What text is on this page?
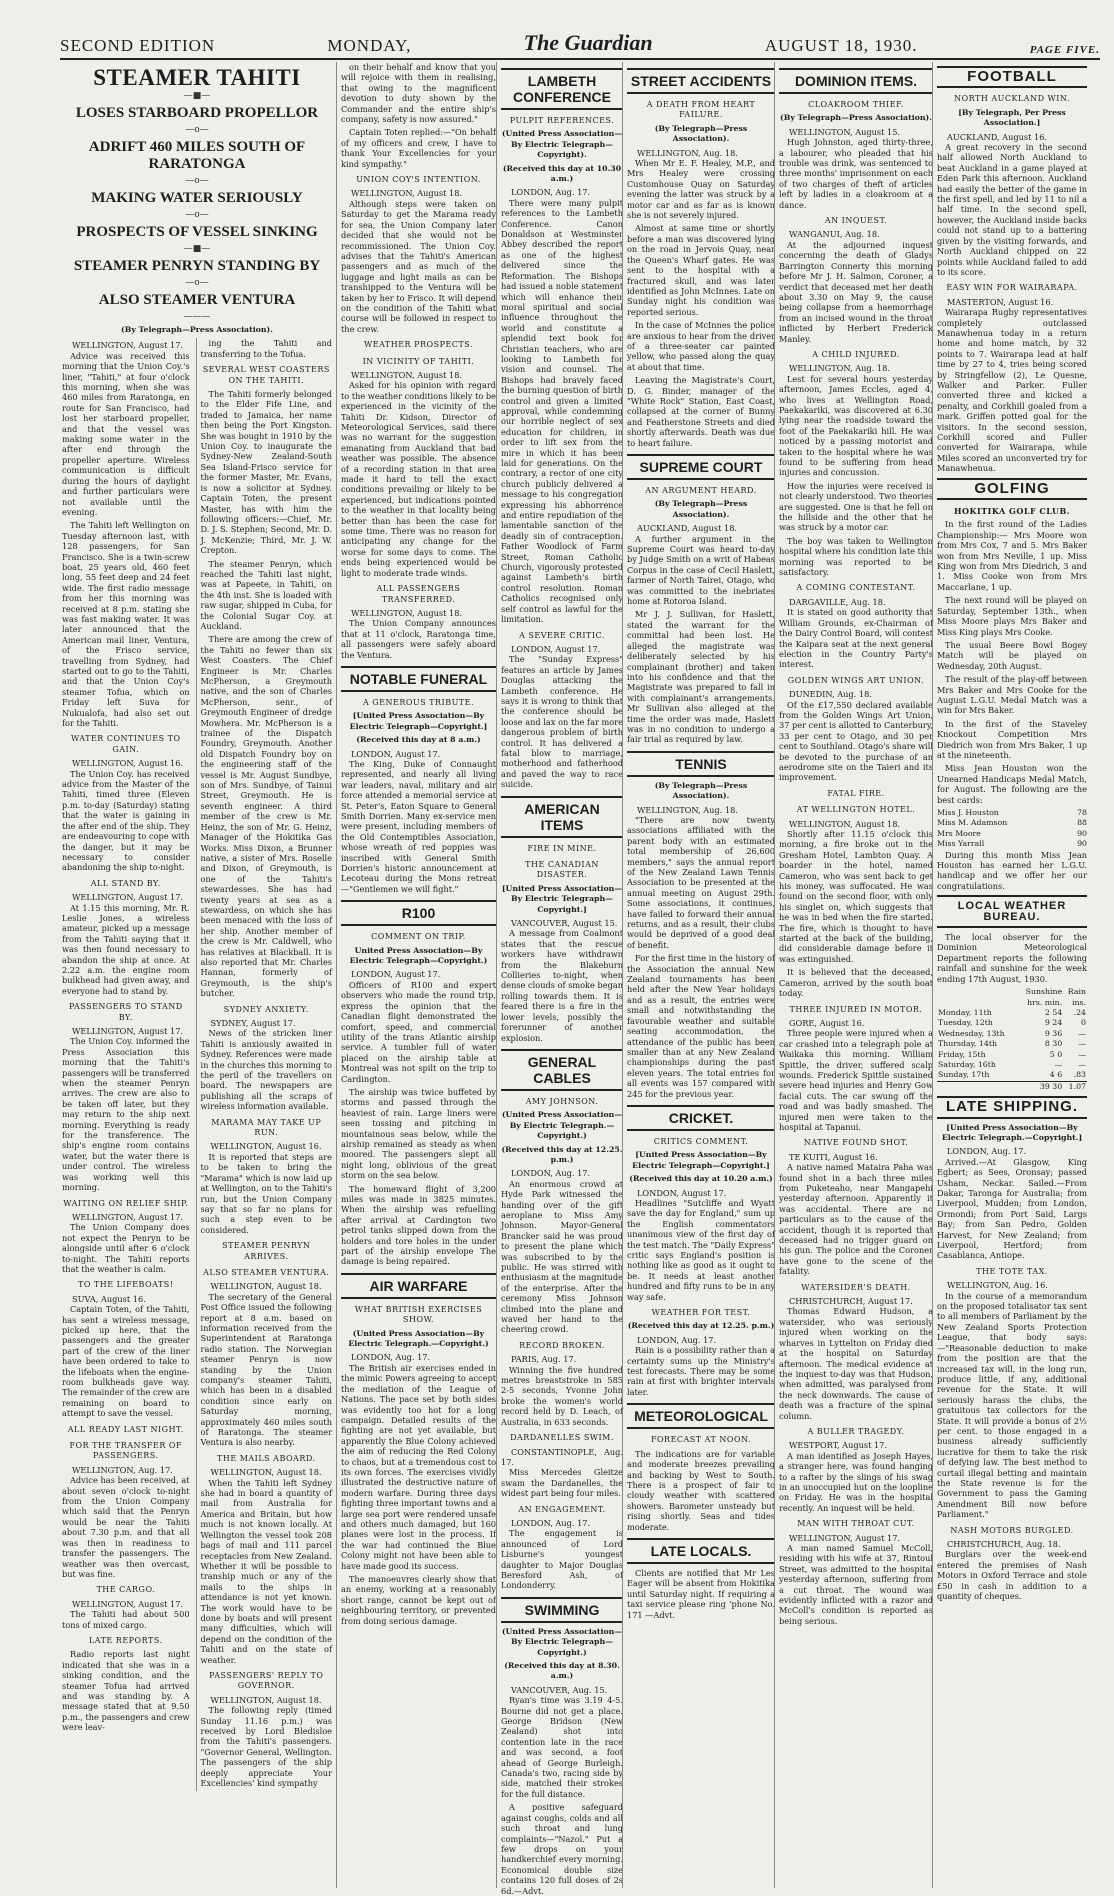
SECOND EDITION	MONDAY,	The Guardian	AUGUST 18, 1930.	PAGE FIVE.
STEAMER TAHITI
—■—
LOSES STARBOARD PROPELLOR
—o—
ADRIFT 460 MILES SOUTH OF RARATONGA
—o—
MAKING WATER SERIOUSLY
—o—
PROSPECTS OF VESSEL SINKING
—■—
STEAMER PENRYN STANDING BY
—o—
ALSO STEAMER VENTURA
———
(By Telegraph—Press Association).
WELLINGTON, August 17.

Advice was received this morning that the Union Coy.'s liner, "Tahiti," at four o'clock this morning, when she was 460 miles from Raratonga, en route for San Francisco, had lost her starboard propeller, and that the vessel was making some water in the after end through the propeller aperture. Wireless communication is difficult during the hours of daylight and further particulars were not available until the evening.

The Tahiti left Wellington on Tuesday afternoon last, with 128 passengers, for San Francisco. She is a twin-screw boat, 25 years old, 460 feet long, 55 feet deep and 24 feet wide. The first radio message from her this morning was received at 8 p.m. stating she was fast making water. It was later announced that the American mail liner, Ventura, of the Frisco service, travelling from Sydney, had started out to go to the Tahiti, and that the Union Coy's steamer Tofua, which on Friday left Suva for Nukualofa, had also set out for the Tahiti.

WATER CONTINUES TO GAIN.
WELLINGTON, August 16.

The Union Coy. has received advice from the Master of the Tahiti, timed three (Eleven p.m. to-day (Saturday) stating that the water is gaining in the after end of the ship. They are endeavouring to cope with the danger, but it may be necessary to consider abandoning the ship to-night.

ALL STAND BY.
WELLINGTON, August 17.

At 1.15 this morning, Mr. R. Leslie Jones, a wireless amateur, picked up a message from the Tahiti saying that it was then found necessary to abandon the ship at once. At 2.22 a.m. the engine room bulkhead had given away, and everyone had to stand by.

PASSENGERS TO STAND BY.
WELLINGTON, August 17.

The Union Coy. informed the Press Association this morning that the Tahiti's passengers will be transferred when the steamer Penryn arrives. The crew are also to be taken off later, but they may return to the ship next morning. Everything is ready for the transference. The ship's engine room contains water, but the water there is under control. The wireless was working well this morning.

WAITING ON RELIEF SHIP.
WELLINGTON, August 17.

The Union Company does not expect the Penryn to be alongside until after 6 o'clock to-night. The Tahiti reports that the weather is calm.

TO THE LIFEBOATS!
SUVA, August 16.

Captain Toten, of the Tahiti, has sent a wireless message, picked up here, that the passengers and the greater part of the crew of the liner have been ordered to take to the lifeboats when the engine-room bulkheads gave way. The remainder of the crew are remaining on board to attempt to save the vessel.

ALL READY LAST NIGHT.
FOR THE TRANSFER OF PASSENGERS.
WELLINGTON, Aug. 17.

Advice has been received, at about seven o'clock to-night from the Union Company which said that the Penryn would be near the Tahiti about 7.30 p.m. and that all was then in readiness to transfer the passengers. The weather was then overcast, but was fine.

THE CARGO.
WELLINGTON, August 17.

The Tahiti had about 500 tons of mixed cargo.

LATE REPORTS.

Radio reports last night indicated that she was in a sinking condition, and the steamer Tofua had arrived and was standing by. A message stated that at 9.50 p.m., the passengers and crew were leav-

ing the Tahiti and transferring to the Tofua.

SEVERAL WEST COASTERS ON THE TAHITI.

The Tahiti formerly belonged to the Elder Fife Line, and traded to Jamaica, her name then being the Port Kingston. She was bought in 1910 by the Union Coy. to inaugurate the Sydney-New Zealand-South Sea Island-Frisco service for the former Master, Mr. Evans, is now a solicitor at Sydney. Captain Toten, the present Master, has with him the following officers:—Chief, Mr. D. J. S. Stephen; Second, Mr. D. J. McKenzie; Third, Mr. J. W. Crepton.

The steamer Penryn, which reached the Tahiti last night, was at Papeete, in Tahiti, on the 4th inst. She is loaded with raw sugar, shipped in Cuba, for the Colonial Sugar Coy. at Auckland.

There are among the crew of the Tahiti no fewer than six West Coasters. The Chief Engineer is Mr. Charles McPherson, a Greymouth native, and the son of Charles McPherson, senr., of Greymouth Engineer of dredge Mowhera. Mr. McPherson is a trainee of the Dispatch Foundry, Greymouth. Another old Dispatch Foundry boy on the engineering staff of the vessel is Mr. August Sundbye, son of Mrs. Sundbye, of Tainui Street, Greymouth. He is seventh engineer. A third member of the crew is Mr. Heinz, the son of Mr. G. Heinz, Manager of the Hokitika Gas Works. Miss Dixon, a Brunner native, a sister of Mrs. Roselle and Dixon, of Greymouth, is one of the Tahiti's stewardesses. She has had twenty years at sea as a stewardess, on which she has been menaced with the loss of her ship. Another member of the crew is Mr. Caldwell, who has relatives at Blackball. It is also reported that Mr. Charles Hannan, formerly of Greymouth, is the ship's butcher.

SYDNEY ANXIETY.
SYDNEY, August 17.

News of the stricken liner Tahiti is anxiously awaited in Sydney. References were made in the churches this morning to the peril of the travellers on board. The newspapers are publishing all the scraps of wireless information available.

MARAMA MAY TAKE UP RUN.
WELLINGTON, August 16.

It is reported that steps are to be taken to bring the "Marama" which is now laid up at Wellington, on to the Tahiti's run, but the Union Company say that so far no plans for such a step even to be considered.

STEAMER PENRYN ARRIVES.
ALSO STEAMER VENTURA.
WELLINGTON, August 18.

The secretary of the General Post Office issued the following report at 8 a.m. based on information received from the Superintendent at Raratonga radio station. The Norwegian steamer Penryn is now standing by the Union company's steamer Tahiti, which has been in a disabled condition since early on Saturday morning, approximately 460 miles south of Raratonga. The steamer Ventura is also nearby.

THE MAILS ABOARD.
WELLINGTON, August 18.

When the Tahiti left Sydney she had in board a quantity of mail from Australia for America and Britain, but how much is not known locally. At Wellington the vessel took 208 bags of mail and 111 parcel receptacles from New Zealand. Whether it will be possible to tranship much or any of the mails to the ships in attendance is not yet known. The work would have to be done by boats and will present many difficulties, which will depend on the condition of the Tahiti and on the state of weather.

PASSENGERS' REPLY TO GOVERNOR.
WELLINGTON, August 18.

The following reply (timed Sunday 11.16 p.m.) was received by Lord Bledisloe from the Tahiti's passengers. "Governor General, Wellington. The passengers of the ship deeply appreciate Your Excellencies' kind sympathy

on their behalf and know that you will rejoice with them in realising, that owing to the magnificent devotion to duty shown by the Commander and the entire ship's company, safety is now assured."

Captain Toten replied:—"On behalf of my officers and crew, I have to thank Your Excellencies for your kind sympathy."

UNION COY'S INTENTION.
WELLINGTON, August 18.

Although steps were taken on Saturday to get the Marama ready for sea, the Union Company later decided that she would not be recommissioned. The Union Coy. advises that the Tahiti's American passengers and as much of the luggage and light mails as can be transhipped to the Ventura will be taken by her to Frisco. It will depend on the condition of the Tahiti what course will be followed in respect to the crew.

WEATHER PROSPECTS.
IN VICINITY OF TAHITI.
WELLINGTON, August 18.

Asked for his opinion with regard to the weather conditions likely to be experienced in the vicinity of the Tahiti Dr. Kidson, Director of Meteorological Services, said there was no warrant for the suggestion emanating from Auckland that bad weather was possible. The absence of a recording station in that area made it hard to tell the exact conditions prevailing or likely to be experienced, but indications pointed to the weather in that locality being better than has been the case for some time. There was no reason for anticipating any change for the worse for some days to come. The ends being experienced would be light to moderate trade winds.

ALL PASSENGERS TRANSFERRED.
WELLINGTON, August 18.

The Union Company announces that at 11 o'clock, Raratonga time, all passengers were safely aboard the Ventura.

NOTABLE FUNERAL
A GENEROUS TRIBUTE.
[United Press Association—By Electric Telegraph—Copyright.]
(Received this day at 8 a.m.)
LONDON, August 17.

The King, Duke of Connaught represented, and nearly all living war leaders, naval, military and air force attended a memorial service at St. Peter's, Eaton Square to General Smith Dorrien. Many ex-service men were present, including members of the Old Contemptibles Association, whose wreath of red poppies was inscribed with General Smith Dorrien's historic announcement at Lecoteau during the Mons retreat—"Gentlemen we will fight."

R100
COMMENT ON TRIP.
United Press Association—By Electric Telegraph—Copyright.)
LONDON, August 17.

Officers of R100 and expert observers who made the round trip, express the opinion that the Canadian flight demonstrated the comfort, speed, and commercial utility of the trans Atlantic airship service. A tumbler full of water placed on the airship table at Montreal was not spilt on the trip to Cardington.

The airship was twice buffeted by storms and passed through the heaviest of rain. Large liners were seen tossing and pitching in mountainous seas below, while the airship remained as steady as when moored. The passengers slept all night long, oblivious of the great storm on the sea below.

The homeward flight of 3,200 miles was made in 3825 minutes. When the airship was refuelling after arrival at Cardington two petrol tanks slipped down from the holders and tore holes in the under part of the airship envelope The damage is being repaired.

AIR WARFARE
WHAT BRITISH EXERCISES SHOW.
(United Press Association—By Electric Telegraph.—Copyright.)
LONDON, Aug. 17.

The British air exercises ended in the mimic Powers agreeing to accept the mediation of the League of Nations. The pace set by both sides was evidently too hot for a long campaign. Detailed results of the fighting are not yet available, but apparently the Blue Colony achieved the aim of reducing the Red Colony to chaos, but at a tremendous cost to its own forces. The exercises vividly illustrated the destructive nature of modern warfare. During three days fighting three important towns and a large sea port were rendered unsafe and others much damaged, but 160 planes were lost in the process. If the war had continued the Blue Colony might not have been able to have made good its success.

The manoeuvres clearly show that an enemy, working at a reasonably short range, cannot be kept out of neighbouring territory, or prevented from doing serious damage.

LAMBETH CONFERENCE
PULPIT REFERENCES.
(United Press Association—By Electric Telegraph—Copyright).
(Received this day at 10.30 a.m.)
LONDON, Aug. 17.

There were many pulpit references to the Lambeth Conference. Canon Donaldson at Westminster Abbey described the report as one of the highest delivered since the Reformation. The Bishops had issued a noble statement which will enhance their moral spiritual and social influence throughout the world and constitute a splendid text book for Christian teachers, who are looking to Lambeth for vision and counsel. The Bishops had bravely faced the burning question of birth control and given a limited approval, while condemning our horrible neglect of sex education for children, in order to lift sex from the mire in which it has been laid for generations. On the contrary, a rector of one city church publicly delivered a message to his congregation expressing his abhorrence and entire repudiation of the lamentable sanction of the deadly sin of contraception. Father Woodlock of Farm Street, Roman Catholic Church, vigorously protested against Lambeth's birth control resolution. Roman Catholics recognised only self control as lawful for the limitation.

A SEVERE CRITIC.
LONDON, August 17.

The "Sunday Express" features an article by James Douglas attacking the Lambeth conference. He says it is wrong to think that the conference should be loose and lax on the far more dangerous problem of birth control. It has delivered a fatal blow to marriage, motherhood and fatherhood and paved the way to race suicide.

AMERICAN ITEMS
FIRE IN MINE.
THE CANADIAN DISASTER.
[United Press Association—By Electric Telegraph—Copyright.]
VANCOUVER, August 15.

A message from Coalmont states that the rescue workers have withdrawn from the Blakeburn Collieries to-night, when dense clouds of smoke began rolling towards them. It is feared there is a fire in the lower levels, possibly the forerunner of another explosion.

GENERAL CABLES
AMY JOHNSON.
(United Press Association—By Electric Telegraph.—Copyright.)
(Received this day at 12.25. p.m.)
LONDON, Aug. 17.

An enormous crowd at Hyde Park witnessed the handing over of the gift aeroplane to Miss Amy Johnson. Mayor-General Brancker said he was proud to present the plane which was subscribed to by the public. He was stirred with enthusiasm at the magnitude of the enterprise. After the ceremony Miss Johnson climbed into the plane and waved her hand to the cheering crowd.

RECORD BROKEN.
PARIS, Aug. 17.

Winning the five hundred metres breaststroke in 585 2-5 seconds, Yvonne John broke the women's world record held by D. Leach, of Australia, in 633 seconds.

DARDANELLES SWIM.
CONSTANTINOPLE, Aug. 17.

Miss Mercedes Gleitze swam the Dardanelles, the widest part being four miles.

AN ENGAGEMENT.
LONDON, Aug. 17.

The engagement is announced of Lord Lisburne's youngest daughter to Major Douglas Beresford Ash, of Londonderry.

SWIMMING
(United Press Association—By Electric Telegraph—Copyright.)
(Received this day at 8.30. a.m.)
VANCOUVER, Aug. 15.

Ryan's time was 3.19 4-5. Bourne did not get a place. George Bridson (New Zealand) shot into contention late in the race and was second, a foot ahead of George Burleigh. Canada's two, racing side by side, matched their strokes for the full distance.

A positive safeguard against coughs, colds and all such throat and lung complaints—"Nazol." Put a few drops on your handkerchief every morning. Economical double size contains 120 full doses of 2s 6d.—Advt.

STREET ACCIDENTS
A DEATH FROM HEART FAILURE.
(By Telegraph—Press Association).
WELLINGTON, Aug. 18.

When Mr E. F. Healey, M.P., and Mrs Healey were crossing Customhouse Quay on Saturday evening the latter was struck by a motor car and as far as is known she is not severely injured.

Almost at same time or shortly before a man was discovered lying on the road in Jervois Quay, near the Queen's Wharf gates. He was sent to the hospital with a fractured skull, and was later identified as John McInnes. Late on Sunday night his condition was reported serious.

In the case of McInnes the police are anxious to hear from the driver of a three-seater car painted yellow, who passed along the quay at about that time.

Leaving the Magistrate's Court, D. G. Binder, manager of the "White Rock" Station, East Coast, collapsed at the corner of Bunny and Featherstone Streets and died shortly afterwards. Death was due to heart failure.

SUPREME COURT
AN ARGUMENT HEARD.
(By Telegraph—Press Association).
AUCKLAND, August 18.

A further argument in the Supreme Court was heard to-day by Judge Smith on a writ of Habeas Corpus in the case of Cecil Haslett, farmer of North Tairei, Otago, who was committed to the inebriates home at Rotoroa Island.

Mr J. J. Sullivan, for Haslett, stated the warrant for the committal had been lost. He alleged the magistrate was deliberately selected by his complainant (brother) and taken into his confidence and that the Magistrate was prepared to fall in with complainant's arrangements. Mr Sullivan also alleged at the time the order was made, Haslett was in no condition to undergo a fair trial as required by law.

TENNIS
(By Telegraph—Press Association).
WELLINGTON, Aug. 18.

"There are now twenty associations affiliated with the parent body with an estimated total membership of 26,600 members," says the annual report of the New Zealand Lawn Tennis Association to be presented at the annual meeting on August 29th. Some associations, it continues, have failed to forward their annual returns, and as a result, their clubs would be deprived of a good deal of benefit.

For the first time in the history of the Association the annual New Zealand tournaments has been held after the New Year holidays and as a result, the entries were small and notwithstanding the favourable weather and suitable seating accommodation, the attendance of the public has been smaller than at any New Zealand championships during the past eleven years. The total entries for all events was 157 compared with 245 for the previous year.

CRICKET.
CRITICS COMMENT.
[United Press Association—By Electric Telegraph—Copyright.]
(Received this day at 10.20 a.m.)
LONDON, August 17.

Headlines "Sutcliffe and Wyatt save the day for England," sum up the English commentators unanimous view of the first day of the test match. The "Daily Express" critic says England's position is nothing like as good as it ought to be. It needs at least another hundred and fifty runs to be in any way safe.

WEATHER FOR TEST.
(Received this day at 12.25. p.m.)
LONDON, Aug. 17.

Rain is a possibility rather than a certainty sums up the Ministry's test forecasts. There may be some rain at first with brighter intervals later.

METEOROLOGICAL
FORECAST AT NOON.

The indications are for variable and moderate breezes prevailing and backing by West to South. There is a prospect of fair to cloudy weather with scattered showers. Barometer unsteady but rising shortly. Seas and tides moderate.

LATE LOCALS.

Clients are notified that Mr Les Eager will be absent from Hokitika until Saturday night. If requiring a taxi service please ring 'phone No. 171 —Advt.

DOMINION ITEMS.
CLOAKROOM THIEF.
(By Telegraph—Press Association).
WELLINGTON, August 15.

Hugh Johnston, aged thirty-three, a labourer, who pleaded that his trouble was drink, was sentenced to three months' imprisonment on each of two charges of theft of articles left by ladies in a cloakroom at a dance.

AN INQUEST.
WANGANUI, Aug. 18.

At the adjourned inquest concerning the death of Gladys Barrington Connerty this morning before Mr J. H. Salmon, Coroner, a verdict that deceased met her death about 3.30 on May 9, the cause being collapse from a haemorrhage from an incised wound in the throat inflicted by Herbert Frederick Manley.

A CHILD INJURED.
WELLINGTON, Aug. 18.

Lest for several hours yesterday afternoon, James Eccles, aged 4, who lives at Wellington Road, Paekakariki, was discovered at 6.30 lying near the roadside toward the foot of the Paekakariki hill. He was noticed by a passing motorist and taken to the hospital where he was found to be suffering from head injuries and concussion.

How the injuries were received is not clearly understood. Two theories are suggested. One is that he fell on the hillside and the other that he was struck by a motor car.

The boy was taken to Wellington hospital where his condition late this morning was reported to be satisfactory.

A COMING CONTESTANT.
DARGAVILLE, Aug. 18.

It is stated on good authority that William Grounds, ex-Chairman of the Dairy Control Board, will contest the Kaipara seat at the next general election in the Country Party's interest.

GOLDEN WINGS ART UNION.
DUNEDIN, Aug. 18.

Of the £17,550 declared available from the Golden Wings Art Union, 37 per cent is allotted to Canterbury, 33 per cent to Otago, and 30 per cent to Southland. Otago's share will be devoted to the purchase of an aerodrome site on the Taieri and its improvement.

FATAL FIRE.
AT WELLINGTON HOTEL.
WELLINGTON, August 18.

Shortly after 11.15 o'clock this morning, a fire broke out in the Gresham Hotel, Lambton Quay. A boarder in the hotel, named Cameron, who was sent back to get his money, was suffocated. He was found on the second floor, with only his singlet on, which suggests that he was in bed when the fire started. The fire, which is thought to have started at the back of the building, did considerable damage before it was extinguished.

It is believed that the deceased, Cameron, arrived by the south boat today.

THREE INJURED IN MOTOR.
GORE, August 16.

Three people were injured when a car crashed into a telegraph pole at Waikaka this morning. William Spittle, the driver, suffered scalp wounds. Frederick Spittle sustained severe head injuries and Henry Gow facial cuts. The car swung off the road and was badly smashed. The injured men were taken to the hospital at Tapanui.

NATIVE FOUND SHOT.
TE KUITI, August 16.

A native named Mataira Paha was found shot in a bach three miles from Puketeaho, near Mangapehi yesterday afternoon. Apparently it was accidental. There are no particulars as to the cause of the accident, though it is reported that deceased had no trigger guard on his gun. The police and the Coroner have gone to the scene of the fatality.

WATERSIDER'S DEATH.
CHRISTCHURCH, August 17.

Thomas Edward Hudson, a watersider, who was seriously injured when working on the wharves in Lyttelton on Friday died at the hospital on Saturday afternoon. The medical evidence at the inquest to-day was that Hudson, when admitted, was paralysed from the neck downwards. The cause of death was a fracture of the spinal column.

A BULLER TRAGEDY.
WESTPORT, August 17.

A man identified as Joseph Hayes, a stranger here, was found hanging to a rafter by the slings of his swag in an unoccupied hut on the loopline on Friday. He was in the hospital recently. An inquest will be held.

MAN WITH THROAT CUT.
WELLINGTON, August 17.

A man named Samuel McColl, residing with his wife at 37, Rintoul Street, was admitted to the hospital yesterday afternoon, suffering from a cut throat. The wound was evidently inflicted with a razor and McColl's condition is reported as being serious.

FOOTBALL
NORTH AUCKLAND WIN.
[By Telegraph, Per Press Association.]
AUCKLAND, August 16.

A great recovery in the second half allowed North Auckland to beat Auckland in a game played at Eden Park this afternoon. Auckland had easily the better of the game in the first spell, and led by 11 to nil a half time. In the second spell, however, the Auckland inside backs could not stand up to a battering given by the visiting forwards, and North Auckland chipped on 22 points while Auckland failed to add to its score.

EASY WIN FOR WAIRARAPA.
MASTERTON, August 16.

Wairarapa Rugby representatives completely outclassed Manawhenua today in a return home and home match, by 32 points to 7. Wairarapa lead at half time by 27 to 4, tries being scored by Stringfellow (2), Le Quesne, Walker and Parker. Fuller converted three and kicked a penalty, and Corkhill goaled from a mark. Griffen potted goal for the visitors. In the second session, Corkhill scored and Fuller converted for Wairarapa, while Miles scored an unconverted try for Manawhenua.

GOLFING
HOKITIKA GOLF CLUB.

In the first round of the Ladies Championship:— Mrs Moore won from Mrs Cox, 7 and 5. Mrs Baker won from Mrs Neville, 1 up. Miss King won from Mrs Diedrich, 3 and 1. Miss Cooke won from Mrs Maccarlane, 1 up.

The next round will be played on Saturday, September 13th., when Miss Moore plays Mrs Baker and Miss King plays Mrs Cooke.

The usual Beere Bowl Bogey Match will be played on Wednesday, 20th August.

The result of the play-off between Mrs Baker and Mrs Cooke for the August L.G.U. Medal Match was a win for Mrs Baker.

In the first of the Staveley Knockout Competition Mrs Diedrich won from Mrs Baker, 1 up at the nineteenth.

Miss Jean Houston won the Unearned Handicaps Medal Match, for August. The following are the best cards:

Miss J. Houston	78
Miss M. Adamson	88
Mrs Moore	90
Miss Yarrall	90

During this month Miss Jean Houston has earned her L.G.U. handicap and we offer her our congratulations.

LOCAL WEATHER BUREAU.

The local observer for the Dominion Meteorological Department reports the following rainfall and sunshine for the week ending 17th August, 1930.

	Sunshine	Rain
	hrs. min.	ins.
Monday, 11th	2 54	.24
Tuesday, 12th	9 24	0
Wednesday, 13th	9 36	—
Thursday, 14th	8 30	—
Friday, 15th	5 0	—
Saturday, 16th	—	—
Sunday, 17th	4 6	.83
	39 30	1.07
LATE SHIPPING.
[United Press Association—By Electric Telegraph.—Copyright.]
LONDON, Aug. 17.

Arrived.—At Glasgow, King Egbert; as Sees, Oronsay; passed Usham, Neckar. Sailed.—From Dakar, Taronga for Australia; from Liverpool, Mudden; from London, Ormondi; from Port Said, Largs Bay; from San Pedro, Golden Harvest, for New Zealand; from Liverpool, Hertford; from Casablanca, Antiope.

THE TOTE TAX.
WELLINGTON, Aug. 16.

In the course of a memorandum on the proposed totalisator tax sent to all members of Parliament by the New Zealand Sports Protection League, that body says:—"Reasonable deduction to make from the position are that the increased tax will, in the long run, produce little, if any, additional revenue for the State. It will seriously harass the clubs, the gratuitous tax collectors for the State. It will provide a bonus of 2½ per cent. to those engaged in a business already sufficiently lucrative for them to take the risk of defying law. The best method to curtail illegal betting and maintain the State revenue is for the Government to pass the Gaming Amendment Bill now before Parliament."

NASH MOTORS BURGLED.
CHRISTCHURCH, Aug. 18.

Burglars over the week-end entered the premises of Nash Motors in Oxford Terrace and stole £50 in cash in addition to a quantity of cheques.
